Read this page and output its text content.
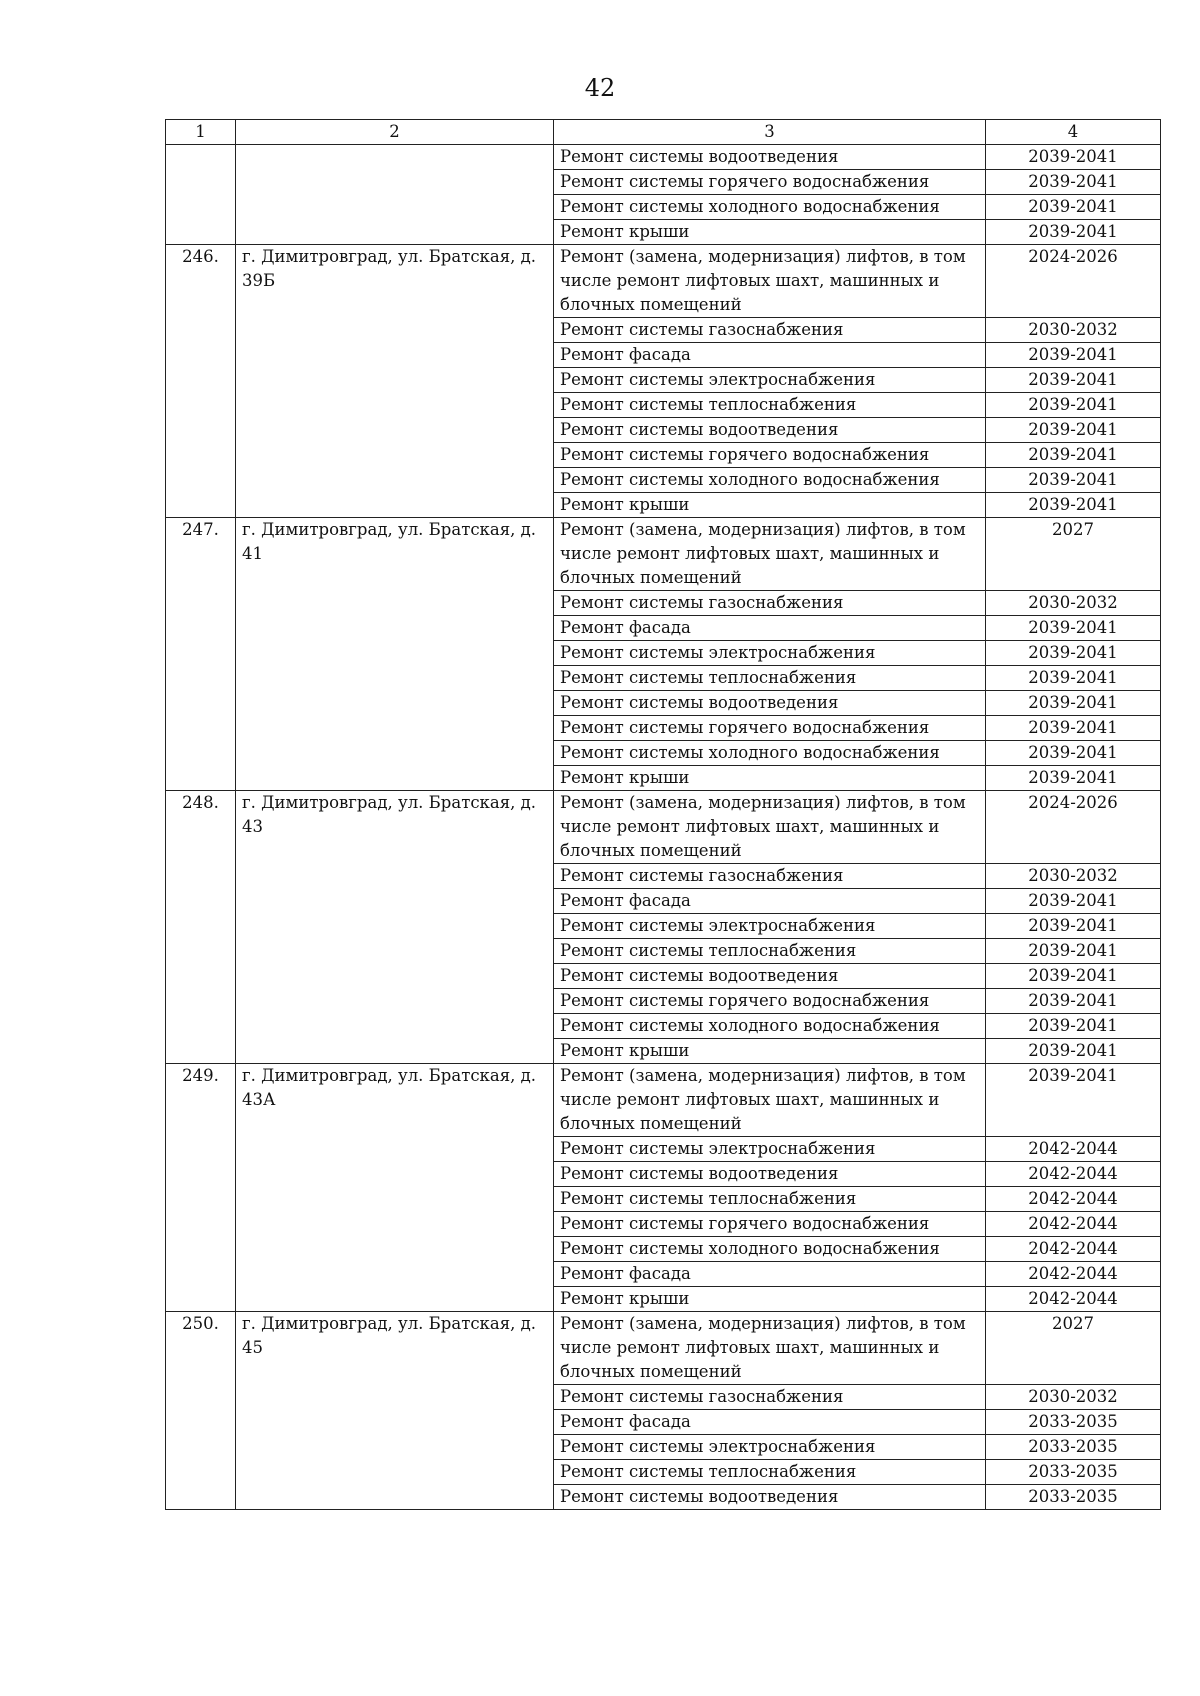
42
1	2	3	4
		Ремонт системы водоотведения	2039-2041
		Ремонт системы горячего водоснабжения	2039-2041
		Ремонт системы холодного водоснабжения	2039-2041
		Ремонт крыши	2039-2041
246.	г. Димитровград, ул. Братская, д. 39Б	Ремонт (замена, модернизация) лифтов, в том числе ремонт лифтовых шахт, машинных и блочных помещений	2024-2026
		Ремонт системы газоснабжения	2030-2032
		Ремонт фасада	2039-2041
		Ремонт системы электроснабжения	2039-2041
		Ремонт системы теплоснабжения	2039-2041
		Ремонт системы водоотведения	2039-2041
		Ремонт системы горячего водоснабжения	2039-2041
		Ремонт системы холодного водоснабжения	2039-2041
		Ремонт крыши	2039-2041
247.	г. Димитровград, ул. Братская, д. 41	Ремонт (замена, модернизация) лифтов, в том числе ремонт лифтовых шахт, машинных и блочных помещений	2027
		Ремонт системы газоснабжения	2030-2032
		Ремонт фасада	2039-2041
		Ремонт системы электроснабжения	2039-2041
		Ремонт системы теплоснабжения	2039-2041
		Ремонт системы водоотведения	2039-2041
		Ремонт системы горячего водоснабжения	2039-2041
		Ремонт системы холодного водоснабжения	2039-2041
		Ремонт крыши	2039-2041
248.	г. Димитровград, ул. Братская, д. 43	Ремонт (замена, модернизация) лифтов, в том числе ремонт лифтовых шахт, машинных и блочных помещений	2024-2026
		Ремонт системы газоснабжения	2030-2032
		Ремонт фасада	2039-2041
		Ремонт системы электроснабжения	2039-2041
		Ремонт системы теплоснабжения	2039-2041
		Ремонт системы водоотведения	2039-2041
		Ремонт системы горячего водоснабжения	2039-2041
		Ремонт системы холодного водоснабжения	2039-2041
		Ремонт крыши	2039-2041
249.	г. Димитровград, ул. Братская, д. 43А	Ремонт (замена, модернизация) лифтов, в том числе ремонт лифтовых шахт, машинных и блочных помещений	2039-2041
		Ремонт системы электроснабжения	2042-2044
		Ремонт системы водоотведения	2042-2044
		Ремонт системы теплоснабжения	2042-2044
		Ремонт системы горячего водоснабжения	2042-2044
		Ремонт системы холодного водоснабжения	2042-2044
		Ремонт фасада	2042-2044
		Ремонт крыши	2042-2044
250.	г. Димитровград, ул. Братская, д. 45	Ремонт (замена, модернизация) лифтов, в том числе ремонт лифтовых шахт, машинных и блочных помещений	2027
		Ремонт системы газоснабжения	2030-2032
		Ремонт фасада	2033-2035
		Ремонт системы электроснабжения	2033-2035
		Ремонт системы теплоснабжения	2033-2035
		Ремонт системы водоотведения	2033-2035
